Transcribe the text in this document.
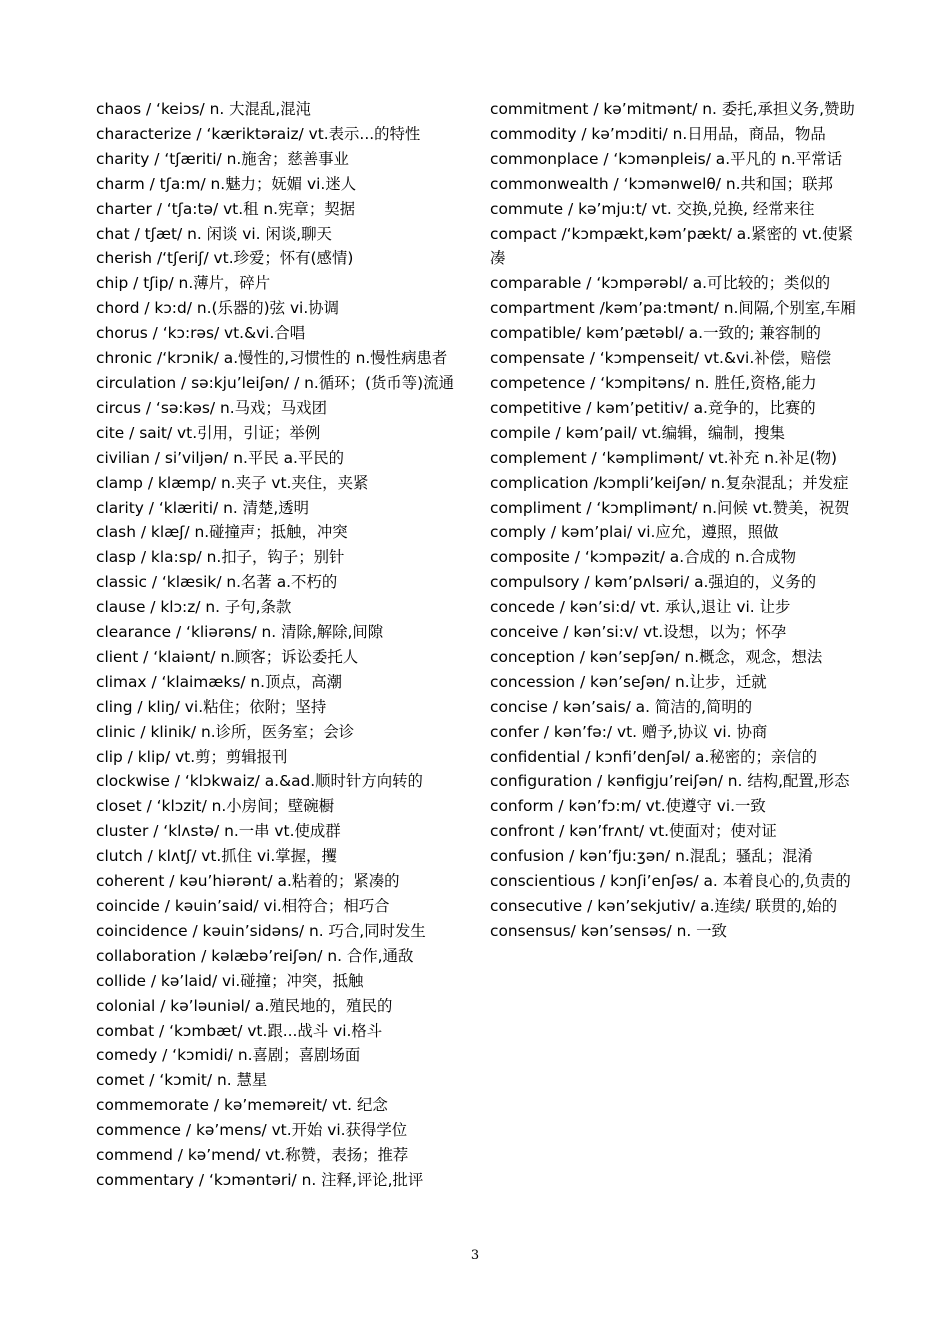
chaos / ‘keiɔs/ n. 大混乱,混沌
characterize / ‘kæriktəraiz/ vt.表示...的特性
charity / ‘tʃæriti/ n.施舍；慈善事业
charm / tʃa:m/ n.魅力；妩媚 vi.迷人
charter / ‘tʃa:tə/ vt.租 n.宪章；契据
chat / tʃæt/ n. 闲谈 vi. 闲谈,聊天
cherish /‘tʃeriʃ/ vt.珍爱；怀有(感情)
chip / tʃip/ n.薄片，碎片
chord / kɔ:d/ n.(乐器的)弦 vi.协调
chorus / ‘kɔ:rəs/ vt.&vi.合唱
chronic /‘krɔnik/ a.慢性的,习惯性的 n.慢性病患者
circulation / sə:kju’leiʃən/ / n.循环；(货币等)流通
circus / ‘sə:kəs/ n.马戏；马戏团
cite / sait/ vt.引用，引证；举例
civilian / si’viljən/ n.平民 a.平民的
clamp / klæmp/ n.夹子 vt.夹住，夹紧
clarity / ‘klæriti/ n. 清楚,透明
clash / klæʃ/ n.碰撞声；抵触，冲突
clasp / kla:sp/ n.扣子，钩子；别针
classic / ‘klæsik/ n.名著 a.不朽的
clause / klɔ:z/ n. 子句,条款
clearance / ‘kliərəns/ n. 清除,解除,间隙
client / ‘klaiənt/ n.顾客；诉讼委托人
climax / ‘klaimæks/ n.顶点，高潮
cling / kliŋ/ vi.粘住；依附；坚持
clinic / klinik/ n.诊所，医务室；会诊
clip / klip/ vt.剪；剪辑报刊
clockwise / ‘klɔkwaiz/ a.&ad.顺时针方向转的
closet / ‘klɔzit/ n.小房间；壁碗橱
cluster / ‘klʌstə/ n.一串 vt.使成群
clutch / klʌtʃ/ vt.抓住 vi.掌握，攫
coherent / kəu’hiərənt/ a.粘着的；紧凑的
coincide / kəuin’said/ vi.相符合；相巧合
coincidence / kəuin’sidəns/ n. 巧合,同时发生
collaboration / kəlæbə’reiʃən/ n. 合作,通敌
collide / kə’laid/ vi.碰撞；冲突，抵触
colonial / kə’ləuniəl/ a.殖民地的，殖民的
combat / ‘kɔmbæt/ vt.跟...战斗 vi.格斗
comedy / ‘kɔmidi/ n.喜剧；喜剧场面
comet / ‘kɔmit/ n. 慧星
commemorate / kə’meməreit/ vt. 纪念
commence / kə’mens/ vt.开始 vi.获得学位
commend / kə’mend/ vt.称赞，表扬；推荐
commentary / ‘kɔməntəri/ n. 注释,评论,批评
commitment / kə’mitmənt/ n. 委托,承担义务,赞助
commodity / kə’mɔditi/ n.日用品，商品，物品
commonplace / ‘kɔmənpleis/ a.平凡的 n.平常话
commonwealth / ‘kɔmənwelθ/ n.共和国；联邦
commute / kə’mju:t/ vt. 交换,兑换, 经常来往
compact /‘kɔmpækt,kəm’pækt/ a.紧密的 vt.使紧凑
comparable / ‘kɔmpərəbl/ a.可比较的；类似的
compartment /kəm’pa:tmənt/ n.间隔,个别室,车厢
compatible/ kəm’pætəbl/ a.一致的; 兼容制的
compensate / ‘kɔmpenseit/ vt.&vi.补偿，赔偿
competence / ‘kɔmpitəns/ n. 胜任,资格,能力
competitive / kəm’petitiv/ a.竞争的，比赛的
compile / kəm’pail/ vt.编辑，编制，搜集
complement / ‘kəmplimənt/ vt.补充 n.补足(物)
complication /kɔmpli’keiʃən/ n.复杂混乱；并发症
compliment / ‘kɔmplimənt/ n.问候 vt.赞美，祝贺
comply / kəm’plai/ vi.应允，遵照，照做
composite / ‘kɔmpəzit/ a.合成的 n.合成物
compulsory / kəm’pʌlsəri/ a.强迫的，义务的
concede / kən’si:d/ vt. 承认,退让 vi. 让步
conceive / kən’si:v/ vt.设想，以为；怀孕
conception / kən’sepʃən/ n.概念，观念，想法
concession / kən’seʃən/ n.让步，迁就
concise / kən’sais/ a. 简洁的,简明的
confer / kən’fə:/ vt. 赠予,协议 vi. 协商
confidential / kɔnfi’denʃəl/ a.秘密的；亲信的
configuration / kənfigju’reiʃən/ n. 结构,配置,形态
conform / kən’fɔ:m/ vt.使遵守 vi.一致
confront / kən’frʌnt/ vt.使面对；使对证
confusion / kən’fju:ʒən/ n.混乱；骚乱；混淆
conscientious / kɔnʃi’enʃəs/ a. 本着良心的,负责的
consecutive / kən’sekjutiv/ a.连续/ 联贯的,始的
consensus/ kən’sensəs/ n. 一致
3
